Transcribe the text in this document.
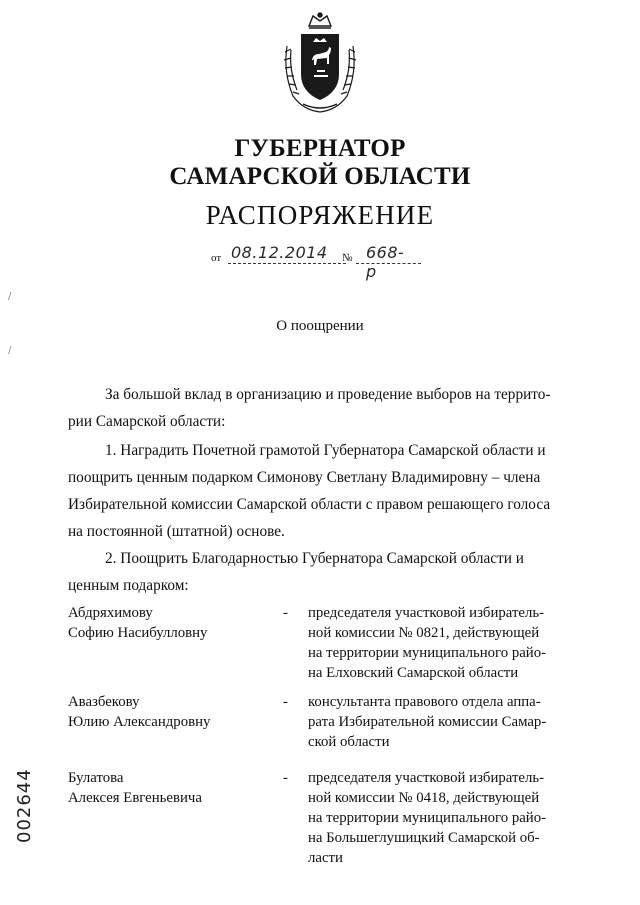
ГУБЕРНАТОР
САМАРСКОЙ ОБЛАСТИ
РАСПОРЯЖЕНИЕ
от 08.12.2014 № 668-р
О поощрении
/
/
За большой вклад в организацию и проведение выборов на террито-
рии Самарской области:
1. Наградить Почетной грамотой Губернатора Самарской области и
поощрить ценным подарком Симонову Светлану Владимировну – члена
Избирательной комиссии Самарской области с правом решающего голоса
на постоянной (штатной) основе.
2. Поощрить Благодарностью Губернатора Самарской области и
ценным подарком:
Абдряхимову
Софию Насибулловну
- председателя участковой избиратель-
ной комиссии № 0821, действующей
на территории муниципального райо-
на Елховский Самарской области
Авазбекову
Юлию Александровну
- консультанта правового отдела аппа-
рата Избирательной комиссии Самар-
ской области
Булатова
Алексея Евгеньевича
- председателя участковой избиратель-
ной комиссии № 0418, действующей
на территории муниципального райо-
на Большеглушицкий Самарской об-
ласти
002644
